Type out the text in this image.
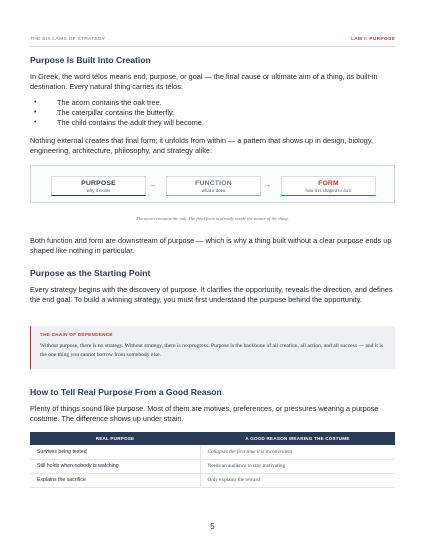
THE SIX LAWS OF STRATEGY	LAW I: PURPOSE
Purpose Is Built Into Creation
In Greek, the word télos means end, purpose, or goal — the final cause or ultimate aim of a thing, its built-in destination. Every natural thing carries its télos.
• The acorn contains the oak tree.
• The caterpillar contains the butterfly.
• The child contains the adult they will become.
Nothing external creates that final form; it unfolds from within — a pattern that shows up in design, biology, engineering, architecture, philosophy, and strategy alike:
PURPOSE
why it exists
→	FUNCTION
what it does
→	FORM
how it is shaped to do it
The acorn contains the oak. The final form is already inside the nature of the thing.
Both function and form are downstream of purpose — which is why a thing built without a clear purpose ends up shaped like nothing in particular.
Purpose as the Starting Point
Every strategy begins with the discovery of purpose. It clarifies the opportunity, reveals the direction, and defines the end goal. To build a winning strategy, you must first understand the purpose behind the opportunity.
THE CHAIN OF DEPENDENCE
Without purpose, there is no strategy. Without strategy, there is no progress. Purpose is the backbone of all creation, all action, and all success — and it is the one thing you cannot borrow from somebody else.
How to Tell Real Purpose From a Good Reason
Plenty of things sound like purpose. Most of them are motives, preferences, or pressures wearing a purpose costume. The difference shows up under strain.
REAL PURPOSE	A GOOD REASON WEARING THE COSTUME
Survives being tested	Collapses the first time it is inconvenient
Still holds when nobody is watching	Needs an audience to stay motivating
Explains the sacrifice	Only explains the reward
5
